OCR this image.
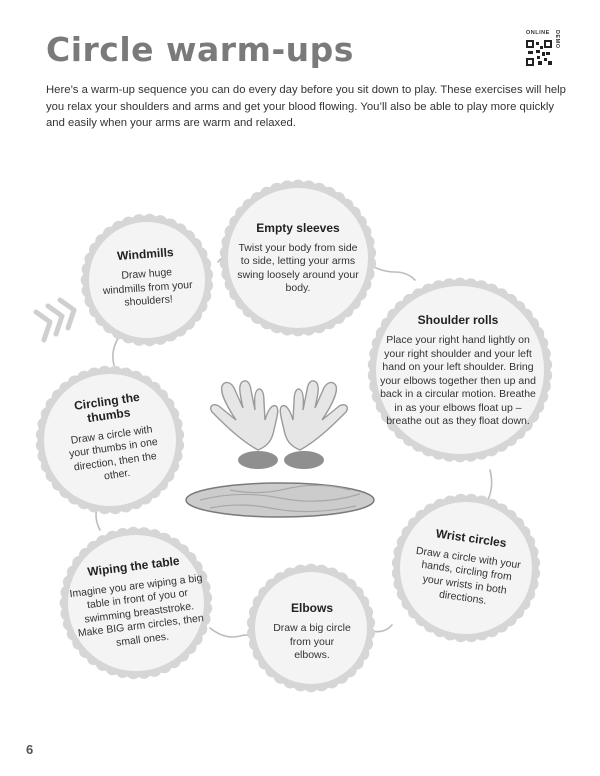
Circle warm-ups

Here’s a warm-up sequence you can do every day before you sit down to play. These exercises will help you relax your shoulders and arms and get your blood flowing. You’ll also be able to play more quickly and easily when your arms are warm and relaxed.

ONLINE DEMO
Empty sleeves

Twist your body from side to side, letting your arms swing loosely around your body.

Windmills

Draw huge windmills from your shoulders!

Shoulder rolls

Place your right hand lightly on your right shoulder and your left hand on your left shoulder. Bring your elbows together then up and back in a circular motion. Breathe in as your elbows float up – breathe out as they float down.

Circling the thumbs

Draw a circle with your thumbs in one direction, then the other.

Wrist circles

Draw a circle with your hands, circling from your wrists in both directions.

Wiping the table

Imagine you are wiping a big table in front of you or swimming breaststroke. Make BIG arm circles, then small ones.

Elbows

Draw a big circle from your elbows.

6
